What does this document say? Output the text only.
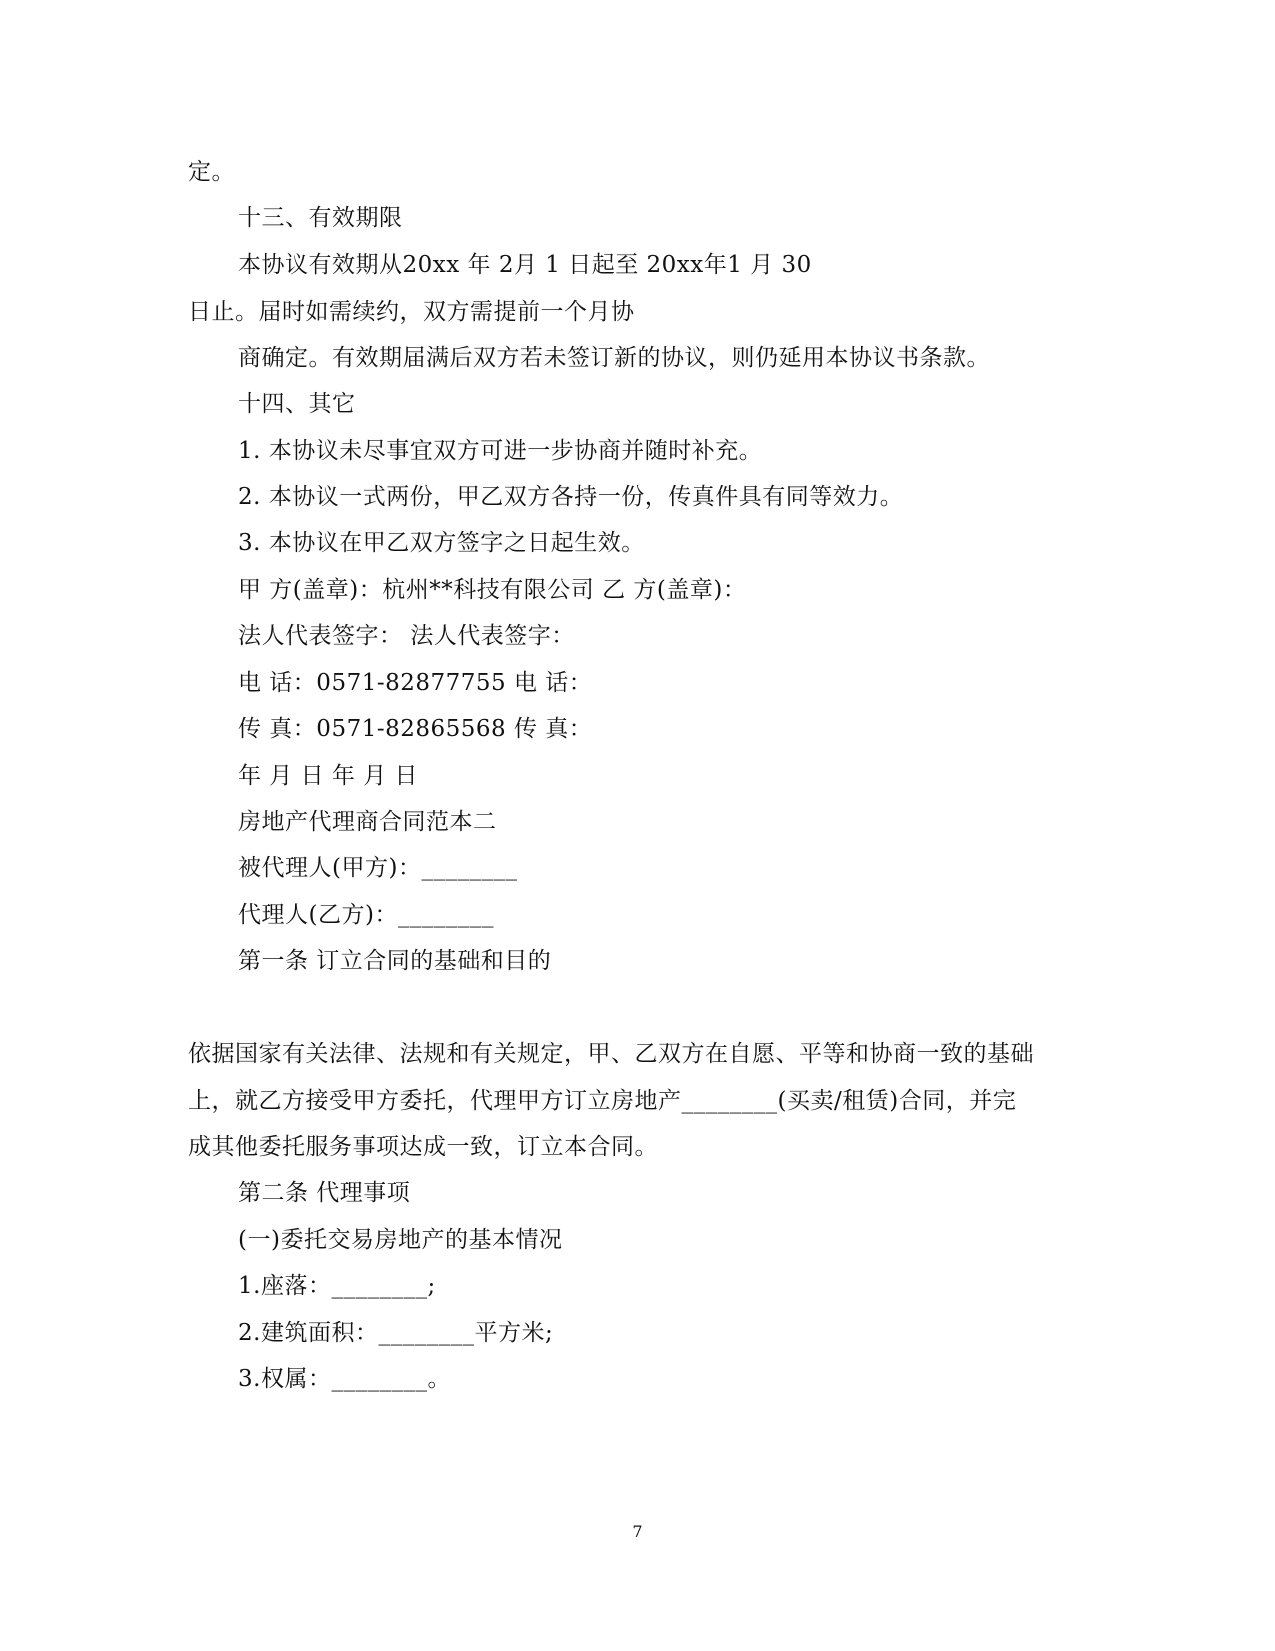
定。
十三、有效期限
本协议有效期从20xx 年 2月 1 日起至 20xx年1 月 30
日止。届时如需续约，双方需提前一个月协
商确定。有效期届满后双方若未签订新的协议，则仍延用本协议书条款。
十四、其它
1. 本协议未尽事宜双方可进一步协商并随时补充。
2. 本协议一式两份，甲乙双方各持一份，传真件具有同等效力。
3. 本协议在甲乙双方签字之日起生效。
甲 方(盖章)：杭州**科技有限公司 乙 方(盖章)：
法人代表签字： 法人代表签字：
电 话：0571-82877755 电 话：
传 真：0571-82865568 传 真：
年 月 日 年 月 日
房地产代理商合同范本二
被代理人(甲方)：________
代理人(乙方)：________
第一条 订立合同的基础和目的
依据国家有关法律、法规和有关规定，甲、乙双方在自愿、平等和协商一致的基础
上，就乙方接受甲方委托，代理甲方订立房地产________(买卖/租赁)合同，并完
成其他委托服务事项达成一致，订立本合同。
第二条 代理事项
(一)委托交易房地产的基本情况
1.座落：________;
2.建筑面积：________平方米;
3.权属：________。
7
